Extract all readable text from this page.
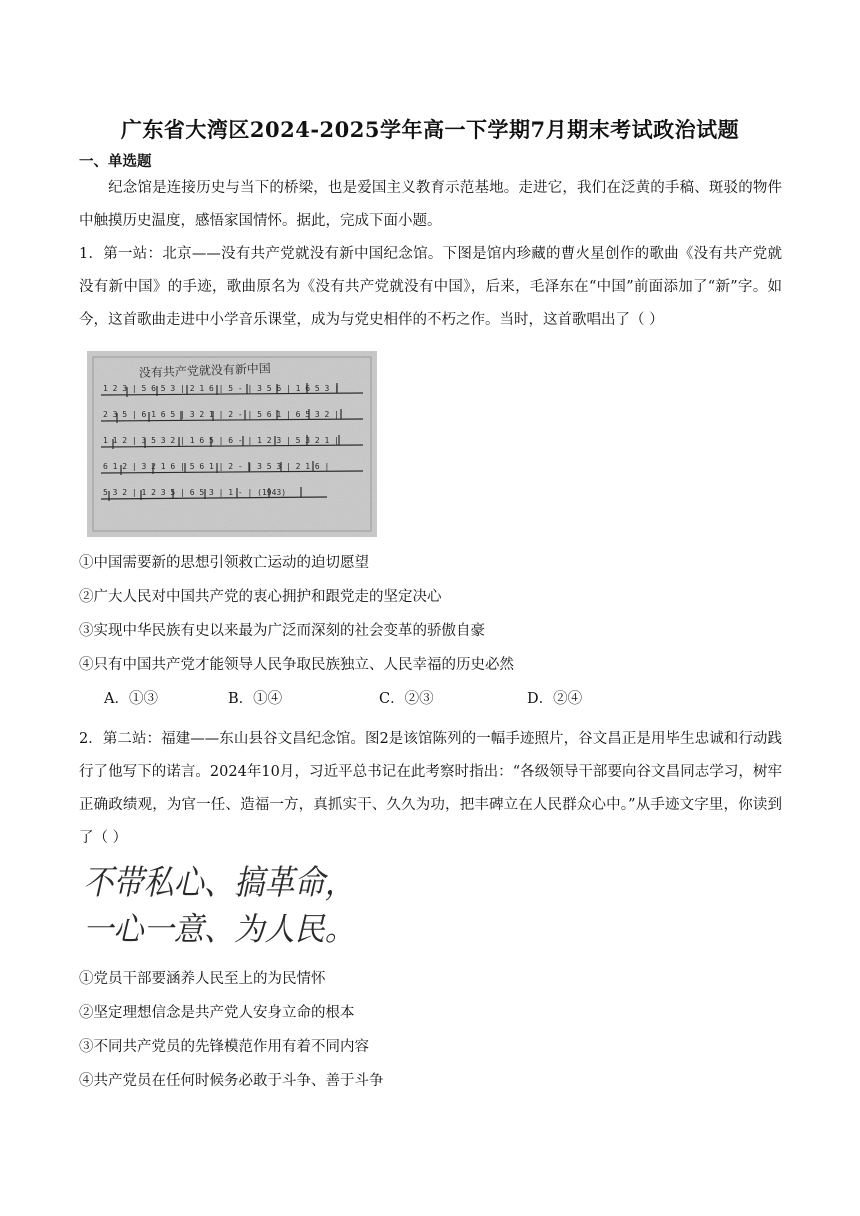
广东省大湾区2024-2025学年高一下学期7月期末考试政治试题
一、单选题
纪念馆是连接历史与当下的桥梁，也是爱国主义教育示范基地。走进它，我们在泛黄的手稿、斑驳的物件中触摸历史温度，感悟家国情怀。据此，完成下面小题。
1．第一站：北京——没有共产党就没有新中国纪念馆。下图是馆内珍藏的曹火星创作的歌曲《没有共产党就没有新中国》的手迹，歌曲原名为《没有共产党就没有中国》，后来，毛泽东在“中国”前面添加了“新”字。如今，这首歌曲走进中小学音乐课堂，成为与党史相伴的不朽之作。当时，这首歌唱出了（ ）
没有共产党就没有新中国
1 2 3 | 5 6 5 3 | 2 1 6 | 5 - | 3 5 6 | 1 6 5 3 |
2 3 5 | 6 1 6 5 | 3 2 1 | 2 - | 5 6 1 | 6 5 3 2 |
1 1 2 | 3 5 3 2 | 1 6 5 | 6 - | 1 2 3 | 5 3 2 1 |
6 1 2 | 3 2 1 6 | 5 6 1 | 2 - | 3 5 3 | 2 1 6 |
5 3 2 | 1 2 3 5 | 6 5 3 | 1 - | (1943)
①中国需要新的思想引领救亡运动的迫切愿望
②广大人民对中国共产党的衷心拥护和跟党走的坚定决心
③实现中华民族有史以来最为广泛而深刻的社会变革的骄傲自豪
④只有中国共产党才能领导人民争取民族独立、人民幸福的历史必然
A．①③	B．①④	C．②③	D．②④
2．第二站：福建——东山县谷文昌纪念馆。图2是该馆陈列的一幅手迹照片，谷文昌正是用毕生忠诚和行动践行了他写下的诺言。2024年10月，习近平总书记在此考察时指出：“各级领导干部要向谷文昌同志学习，树牢正确政绩观，为官一任、造福一方，真抓实干、久久为功，把丰碑立在人民群众心中。”从手迹文字里，你读到了（ ）
不带私心、搞革命，
一心一意、为人民。
①党员干部要涵养人民至上的为民情怀
②坚定理想信念是共产党人安身立命的根本
③不同共产党员的先锋模范作用有着不同内容
④共产党员在任何时候务必敢于斗争、善于斗争
